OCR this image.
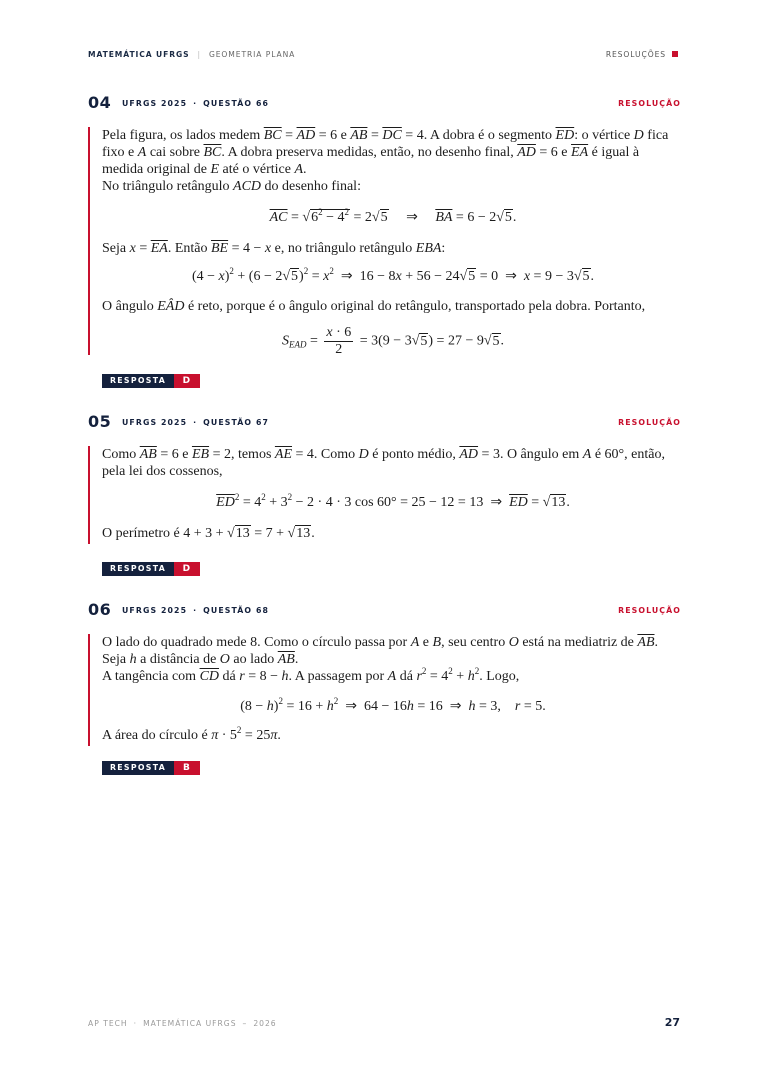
MATEMÁTICA UFRGS | GEOMETRIA PLANA	RESOLUÇÕES
04 UFRGS 2025 · QUESTÃO 66	RESOLUÇÃO

Pela figura, os lados medem $\overline{BC} = \overline{AD} = 6$ e $\overline{AB} = \overline{DC} = 4$. A dobra é o segmento $\overline{ED}$: o vértice D fica fixo e A cai sobre $\overline{BC}$. A dobra preserva medidas, então, no desenho final, $\overline{AD} = 6$ e $\overline{EA}$ é igual à medida original de E até o vértice A.
No triângulo retângulo ACD do desenho final:

$\overline{AC} = √6^2 - 4^2 = 2√5$     ⇒     $\overline{BA} = 6 - 2√5$.

Seja $x = \overline{EA}$. Então $\overline{BE} = 4 - x$ e, no triângulo retângulo EBA:

$(4 - x)^2 + (6 - 2√5)^2 = x^2$  ⇒  16 − 8x + 56 − 24√5 = 0  ⇒  x = 9 − 3√5.

O ângulo EÂD é reto, porque é o ângulo original do retângulo, transportado pela dobra. Portanto,

$S_{EAD} = \frac{x \cdot 6}{2} = 3(9 - 3√5) = 27 - 9√5$.
RESPOSTA D
05 UFRGS 2025 · QUESTÃO 67	RESOLUÇÃO

Como $\overline{AB} = 6$ e $\overline{EB} = 2$, temos $\overline{AE} = 4$. Como D é ponto médio, $\overline{AD} = 3$. O ângulo em A é 60°, então, pela lei dos cossenos,

$\overline{ED}^2 = 4^2 + 3^2 - 2 \cdot 4 \cdot 3$ cos 60° = 25 − 12 = 13  ⇒  $\overline{ED} = √13$.

O perímetro é 4 + 3 + √13 = 7 + √13.

RESPOSTA D
06 UFRGS 2025 · QUESTÃO 68	RESOLUÇÃO

O lado do quadrado mede 8. Como o círculo passa por A e B, seu centro O está na mediatriz de $\overline{AB}$. Seja h a distância de O ao lado $\overline{AB}$.
A tangência com $\overline{CD}$ dá r = 8 − h. A passagem por A dá $r^2 = 4^2 + h^2$. Logo,

$(8 - h)^2 = 16 + h^2$  ⇒  64 − 16h = 16  ⇒  h = 3,    r = 5.

A área do círculo é $\pi \cdot 5^2 = 25\pi$.

RESPOSTA B
AP TECH · MATEMÁTICA UFRGS – 2026	27
